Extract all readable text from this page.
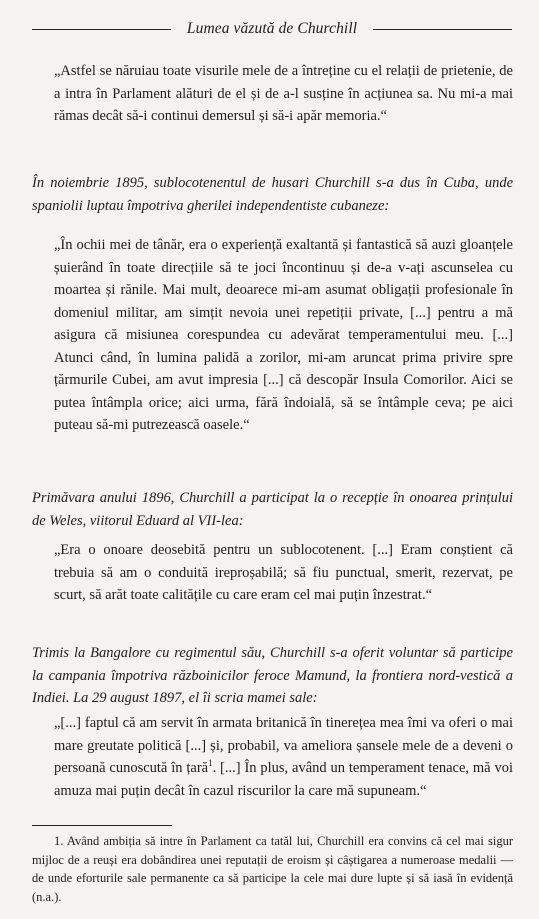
Lumea văzută de Churchill
„Astfel se năruiau toate visurile mele de a întreține cu el relații de prietenie, de a intra în Parlament alături de el și de a-l susține în acțiunea sa. Nu mi-a mai rămas decât să-i continui demersul și să-i apăr memoria.“
În noiembrie 1895, sublocotenentul de husari Churchill s-a dus în Cuba, unde spaniolii luptau împotriva gherilei independentiste cubaneze:
„În ochii mei de tânăr, era o experiență exaltantă și fantastică să auzi gloanțele șuierând în toate direcțiile să te joci încontinuu și de-a v-ați ascunselea cu moartea și rănile. Mai mult, deoarece mi-am asumat obligații profesionale în domeniul militar, am simțit nevoia unei repetiții private, [...] pentru a mă asigura că misiunea corespundea cu adevărat temperamentului meu. [...] Atunci când, în lumina palidă a zorilor, mi-am aruncat prima privire spre țărmurile Cubei, am avut impresia [...] că descopăr Insula Comorilor. Aici se putea întâmpla orice; aici urma, fără îndoială, să se întâmple ceva; pe aici puteau să-mi putrezească oasele.“
Primăvara anului 1896, Churchill a participat la o recepție în onoarea prințului de Weles, viitorul Eduard al VII-lea:
„Era o onoare deosebită pentru un sublocotenent. [...] Eram conștient că trebuia să am o conduită ireproșabilă; să fiu punctual, smerit, rezervat, pe scurt, să arăt toate calitățile cu care eram cel mai puțin înzestrat.“
Trimis la Bangalore cu regimentul său, Churchill s-a oferit voluntar să participe la campania împotriva războinicilor feroce Mamund, la frontiera nord-vestică a Indiei. La 29 august 1897, el îi scria mamei sale:
„[...] faptul că am servit în armata britanică în tinerețea mea îmi va oferi o mai mare greutate politică [...] și, probabil, va ameliora șansele mele de a deveni o persoană cunoscută în țară$^1$. [...] În plus, având un temperament tenace, mă voi amuza mai puțin decât în cazul riscurilor la care mă supuneam.“
1. Având ambiția să intre în Parlament ca tatăl lui, Churchill era convins că cel mai sigur mijloc de a reuși era dobândirea unei reputații de eroism și câștigarea a numeroase medalii — de unde eforturile sale permanente ca să participe la cele mai dure lupte și să iasă în evidență (n.a.).
